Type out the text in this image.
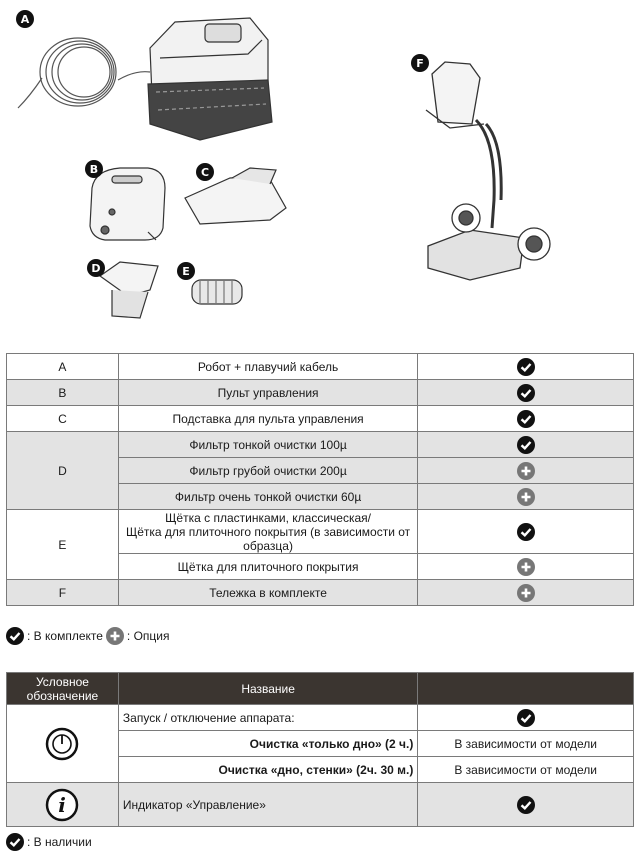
A
B	C
D	E
F
A	Робот + плавучий кабель	

B	Пульт управления	

C	Подставка для пульта управления	

D	Фильтр тонкой очистки 100µ	

	Фильтр грубой очистки 200µ	

	Фильтр очень тонкой очистки 60µ	

E	Щётка с пластинками, классическая/
Щётка для плиточного покрытия (в зависимости от образца)	

	Щётка для плиточного покрытия	

F	Тележка в комплекте	
: В комплекте : Опция
Условное обозначение	Название	

	Запуск / отключение аппарата:	

	Очистка «только дно» (2 ч.)	В зависимости от модели
	Очистка «дно, стенки» (2ч. 30 м.)	В зависимости от модели

i	Индикатор «Управление»	
: В наличии
